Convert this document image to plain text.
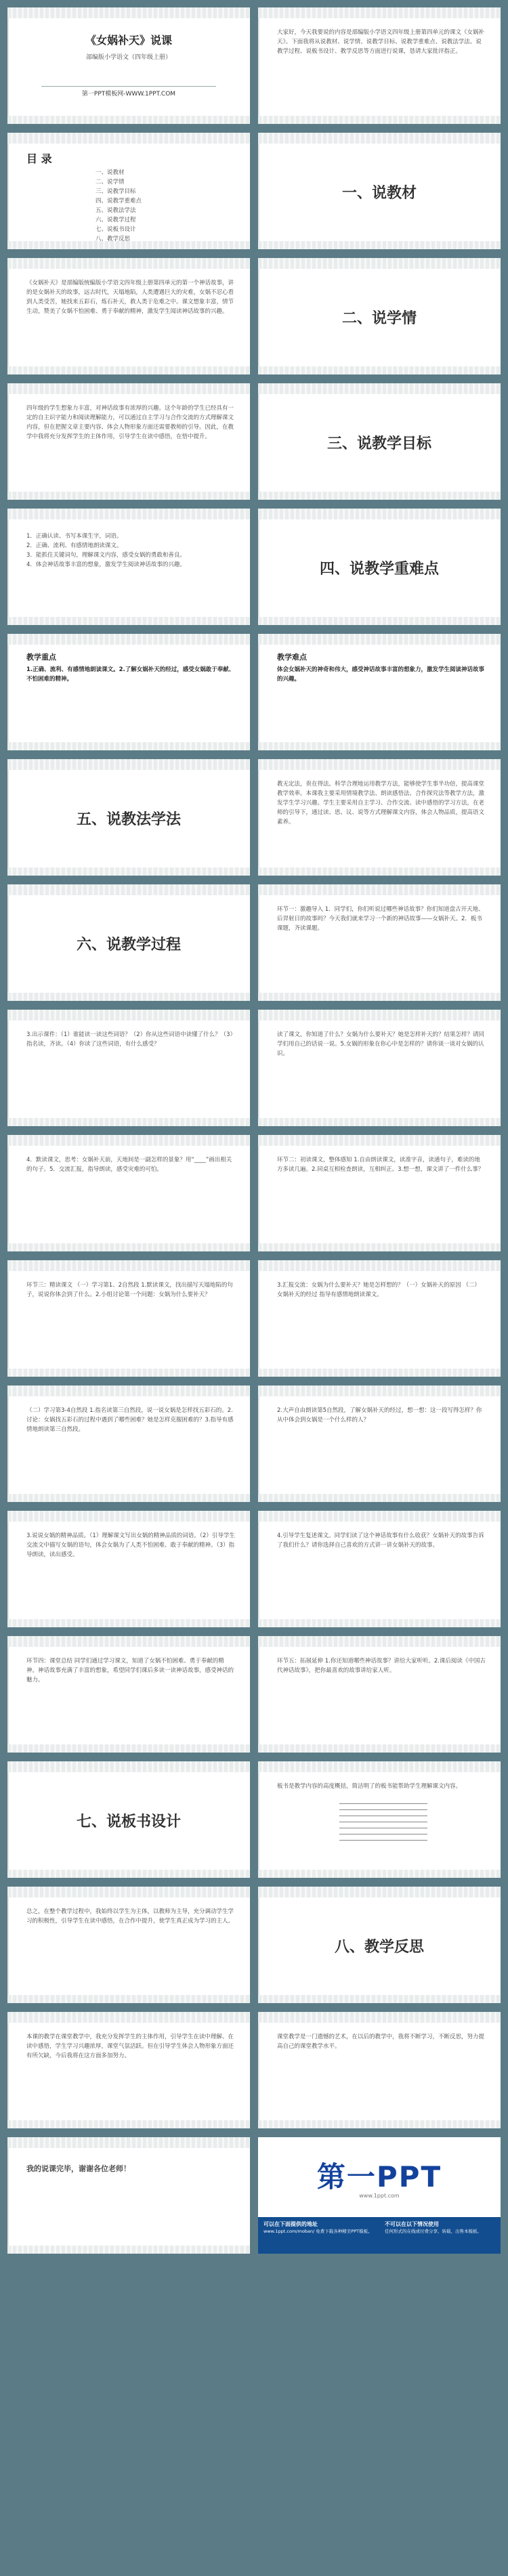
《女娲补天》说课
部编版小学语文（四年级上册）
第一PPT模板网-WWW.1PPT.COM
大家好，今天我要说的内容是部编版小学语文四年级上册第四单元的课文《女娲补天》。下面我将从说教材、说学情、说教学目标、说教学重难点、说教法学法、说教学过程、说板书设计、教学反思等方面进行说课，恳请大家批评指正。
目 录
一、说教材
二、说学情
三、说教学目标
四、说教学重难点
五、说教法学法
六、说教学过程
七、说板书设计
八、教学反思
一、说教材
《女娲补天》是部编版统编版小学语文四年级上册第四单元的第一个神话故事，讲的是女娲补天的故事，远古时代，天塌地陷，人类遭遇巨大的灾难，女娲不忍心看到人类受苦，她找来五彩石，炼石补天，救人类于危难之中。课文想象丰富，情节生动，赞美了女娲不怕困难、勇于奉献的精神，激发学生阅读神话故事的兴趣。	二、说学情
四年级的学生想象力丰富，对神话故事有浓厚的兴趣。这个年龄的学生已经具有一定的自主识字能力和阅读理解能力，可以通过自主学习与合作交流的方式理解课文内容，但在把握文章主要内容、体会人物形象方面还需要教师的引导。因此，在教学中我将充分发挥学生的主体作用，引导学生在读中感悟，在悟中提升。	三、说教学目标
1．正确认读、书写本课生字，词语。
2．正确、流利、有感情地朗读课文。
3．能抓住关键词句，理解课文内容，感受女娲的勇敢和善良。
4．体会神话故事丰富的想象，激发学生阅读神话故事的兴趣。	四、说教学重难点
教学重点
1.正确、流利、有感情地朗读课文。2.了解女娲补天的经过，感受女娲敢于奉献、不怕困难的精神。
教学难点
体会女娲补天的神奇和伟大，感受神话故事丰富的想象力，激发学生阅读神话故事的兴趣。
五、说教法学法
教无定法，贵在得法。科学合理地运用教学方法，能够使学生事半功倍，提高课堂教学效率。本课我主要采用情境教学法、朗读感悟法、合作探究法等教学方法，激发学生学习兴趣。学生主要采用自主学习、合作交流、读中感悟的学习方法，在老师的引导下，通过读、思、议、说等方式理解课文内容，体会人物品质，提高语文素养。
六、说教学过程
环节一：激趣导入 1．同学们，你们听说过哪些神话故事？你们知道盘古开天地、后羿射日的故事吗？今天我们就来学习一个新的神话故事——女娲补天。2．板书课题，齐读课题。
3.出示课件：（1）谁能读一读这些词语？（2）你从这些词语中读懂了什么？（3）指名读，齐读。（4）你读了这些词语，有什么感受？
读了课文，你知道了什么？女娲为什么要补天？她是怎样补天的？结果怎样？请同学们用自己的话说一说。5.女娲的形象在你心中是怎样的？请你谈一谈对女娲的认识。
4．默读课文，思考：女娲补天前，天地间是一副怎样的景象？用“____”画出相关的句子。5．交流汇报，指导朗读，感受灾难的可怕。
环节二：初读课文，整体感知 1.自由朗读课文，读准字音，读通句子，难读的地方多读几遍。2.同桌互相检查朗读，互相纠正。3.想一想，课文讲了一件什么事？
环节三：精读课文 （一）学习第1、2自然段 1.默读课文，找出描写天塌地陷的句子，说说你体会到了什么。2.小组讨论第一个问题：女娲为什么要补天？
3.汇报交流：女娲为什么要补天？她是怎样想的？（一）女娲补天的原因 （二）女娲补天的经过 指导有感情地朗读课文。
（二）学习第3-4自然段 1.指名读第三自然段，说一说女娲是怎样找五彩石的。2.讨论：女娲找五彩石的过程中遇到了哪些困难？她是怎样克服困难的？3.指导有感情地朗读第三自然段。
2.大声自由朗读第5自然段，了解女娲补天的经过，想一想：这一段写得怎样？你从中体会到女娲是一个什么样的人？
3.说说女娲的精神品质。（1）理解课文写出女娲的精神品质的词语。（2）引导学生交流文中描写女娲的语句，体会女娲为了人类不怕困难、敢于奉献的精神。（3）指导朗读，读出感受。
4.引导学生复述课文。同学们读了这个神话故事有什么收获？女娲补天的故事告诉了我们什么？请你选择自己喜欢的方式讲一讲女娲补天的故事。
环节四：课堂总结 同学们通过学习课文，知道了女娲不怕困难、勇于奉献的精神。神话故事充满了丰富的想象，希望同学们课后多读一读神话故事，感受神话的魅力。
环节五：拓展延伸 1.你还知道哪些神话故事？讲给大家听听。2.课后阅读《中国古代神话故事》，把你最喜欢的故事讲给家人听。
七、说板书设计
板书是教学内容的高度概括，简洁明了的板书能帮助学生理解课文内容。
总之，在整个教学过程中，我始终以学生为主体，以教师为主导，充分调动学生学习的积极性，引导学生在读中感悟，在合作中提升，使学生真正成为学习的主人。
八、教学反思
本课的教学在课堂教学中，我充分发挥学生的主体作用，引导学生在读中理解、在读中感悟，学生学习兴趣浓厚，课堂气氛活跃。但在引导学生体会人物形象方面还有所欠缺，今后我将在这方面多加努力。
课堂教学是一门遗憾的艺术，在以后的教学中，我将不断学习，不断反思，努力提高自己的课堂教学水平。
我的说课完毕，谢谢各位老师！	第一PPT
www.1ppt.com
可以在下面提供的地址
www.1ppt.com/moban/ 免费下载各种精美PPT模板。
不可以在以下情况使用
任何形式的在线或付费分享、转载、出售本模板。
